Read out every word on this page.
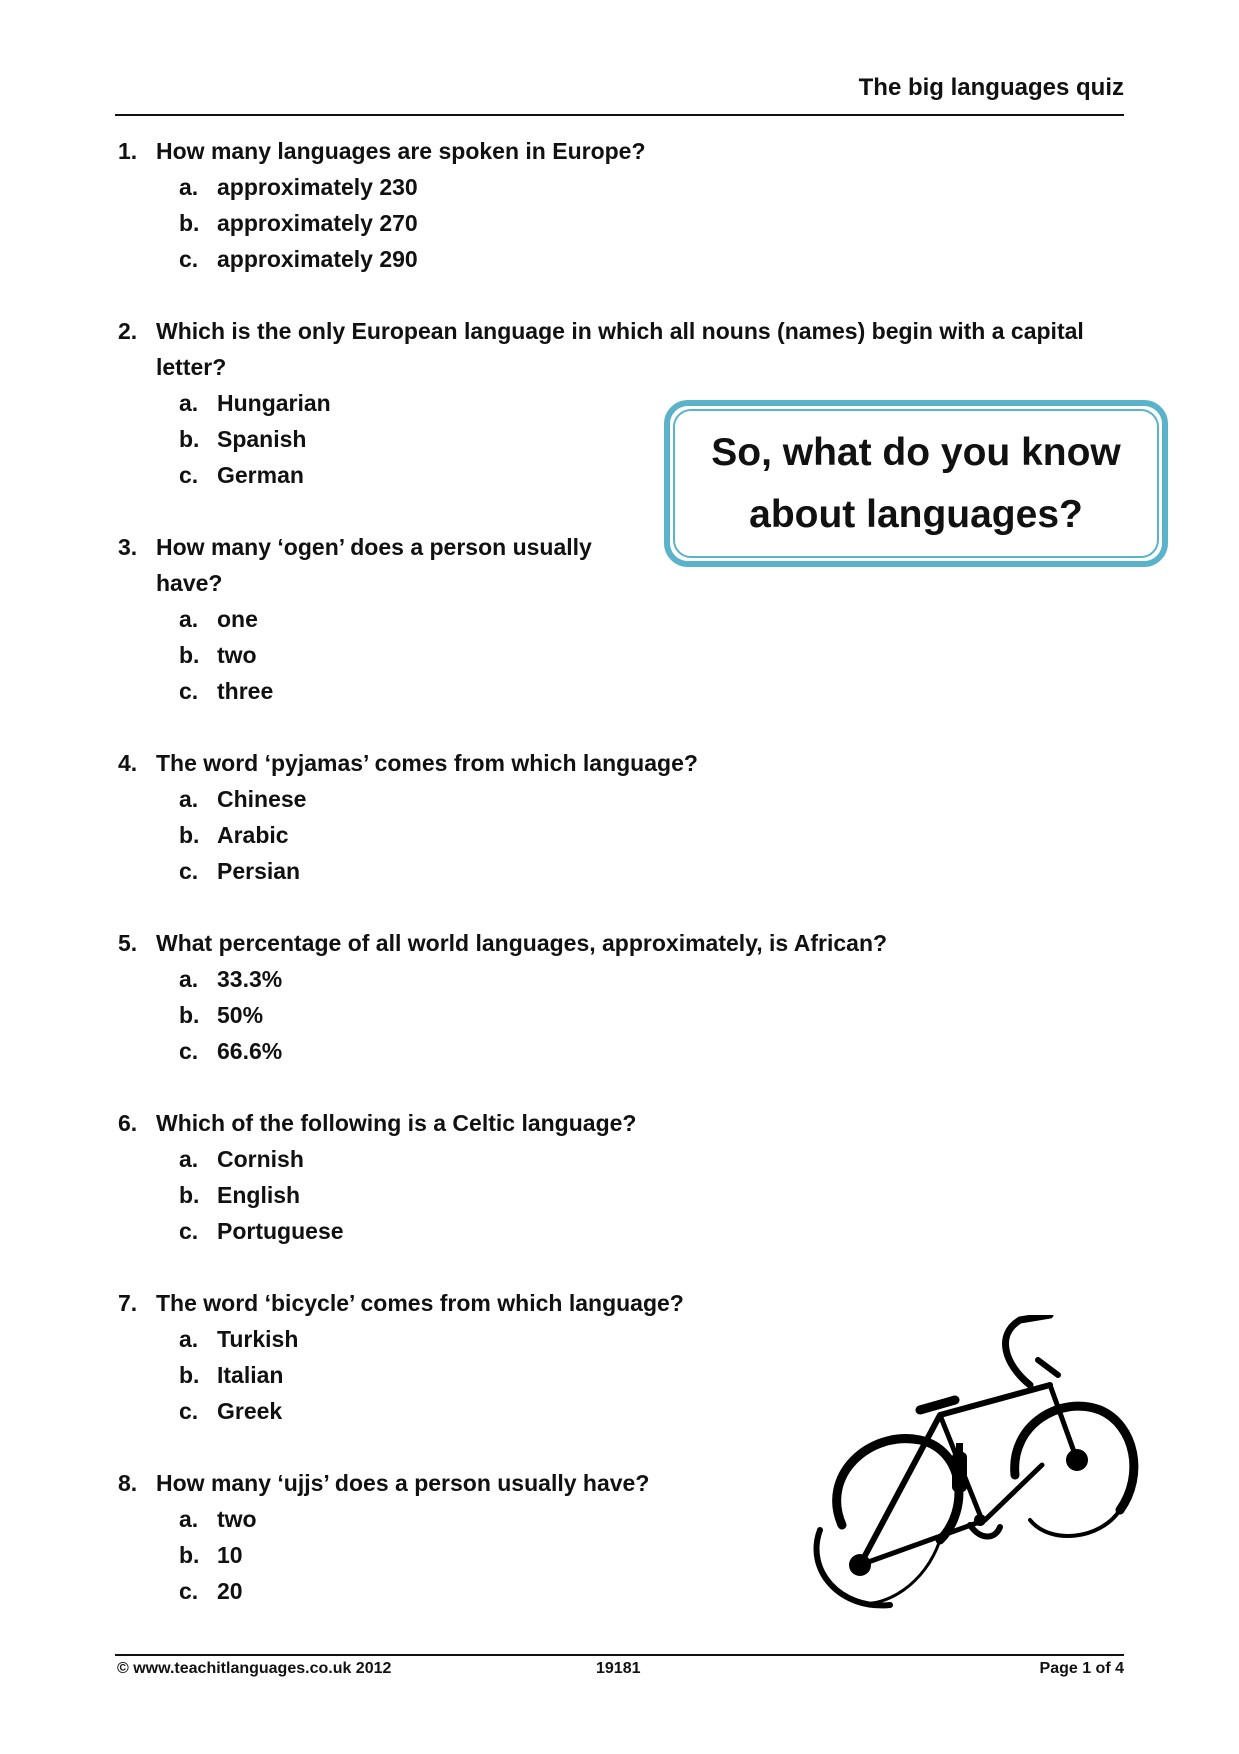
The big languages quiz
1. How many languages are spoken in Europe?
a. approximately 230
b. approximately 270
c. approximately 290
2. Which is the only European language in which all nouns (names) begin with a capital letter?
a. Hungarian
b. Spanish
c. German
3. How many ‘ogen’ does a person usually have?
a. one
b. two
c. three
4. The word ‘pyjamas’ comes from which language?
a. Chinese
b. Arabic
c. Persian
5. What percentage of all world languages, approximately, is African?
a. 33.3%
b. 50%
c. 66.6%
6. Which of the following is a Celtic language?
a. Cornish
b. English
c. Portuguese
7. The word ‘bicycle’ comes from which language?
a. Turkish
b. Italian
c. Greek
8. How many ‘ujjs’ does a person usually have?
a. two
b. 10
c. 20
So, what do you know about languages?
© www.teachitlanguages.co.uk 2012	19181	Page 1 of 4
